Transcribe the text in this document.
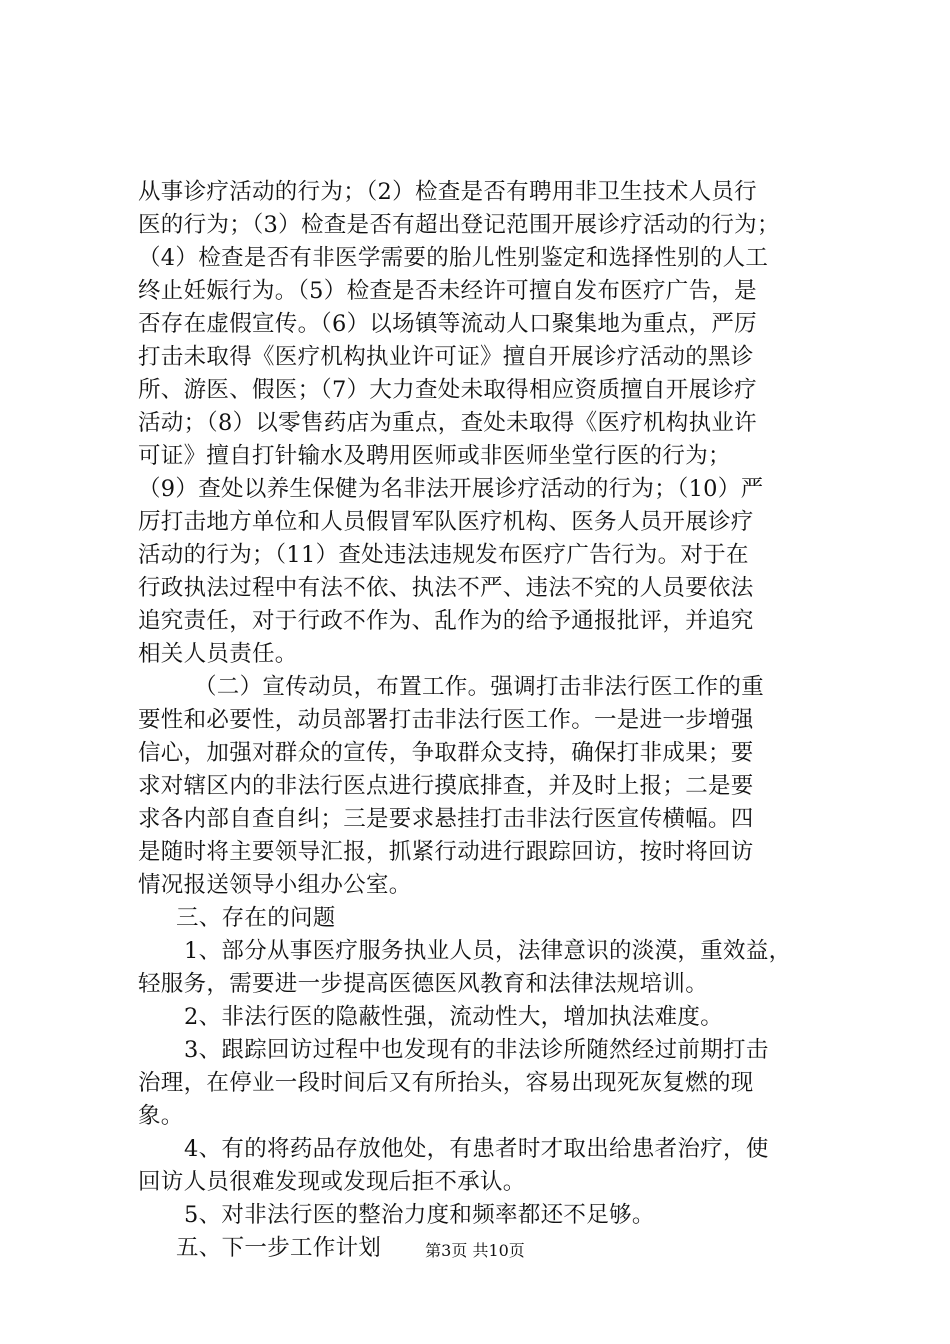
从事诊疗活动的行为；（2）检查是否有聘用非卫生技术人员行
医的行为；（3）检查是否有超出登记范围开展诊疗活动的行为；
（4）检查是否有非医学需要的胎儿性别鉴定和选择性别的人工
终止妊娠行为。（5）检查是否未经许可擅自发布医疗广告，是
否存在虚假宣传。（6）以场镇等流动人口聚集地为重点，严厉
打击未取得《医疗机构执业许可证》擅自开展诊疗活动的黑诊
所、游医、假医；（7）大力查处未取得相应资质擅自开展诊疗
活动；（8）以零售药店为重点，查处未取得《医疗机构执业许
可证》擅自打针输水及聘用医师或非医师坐堂行医的行为；
（9）查处以养生保健为名非法开展诊疗活动的行为；（10）严
厉打击地方单位和人员假冒军队医疗机构、医务人员开展诊疗
活动的行为；（11）查处违法违规发布医疗广告行为。对于在
行政执法过程中有法不依、执法不严、违法不究的人员要依法
追究责任，对于行政不作为、乱作为的给予通报批评，并追究
相关人员责任。
（二）宣传动员，布置工作。强调打击非法行医工作的重
要性和必要性，动员部署打击非法行医工作。一是进一步增强
信心，加强对群众的宣传，争取群众支持，确保打非成果；要
求对辖区内的非法行医点进行摸底排查，并及时上报；二是要
求各内部自查自纠；三是要求悬挂打击非法行医宣传横幅。四
是随时将主要领导汇报，抓紧行动进行跟踪回访，按时将回访
情况报送领导小组办公室。
三、存在的问题
1、部分从事医疗服务执业人员，法律意识的淡漠，重效益，
轻服务，需要进一步提高医德医风教育和法律法规培训。
2、非法行医的隐蔽性强，流动性大，增加执法难度。
3、跟踪回访过程中也发现有的非法诊所随然经过前期打击
治理，在停业一段时间后又有所抬头，容易出现死灰复燃的现
象。
4、有的将药品存放他处，有患者时才取出给患者治疗，使
回访人员很难发现或发现后拒不承认。
5、对非法行医的整治力度和频率都还不足够。
五、下一步工作计划	第3页 共10页
